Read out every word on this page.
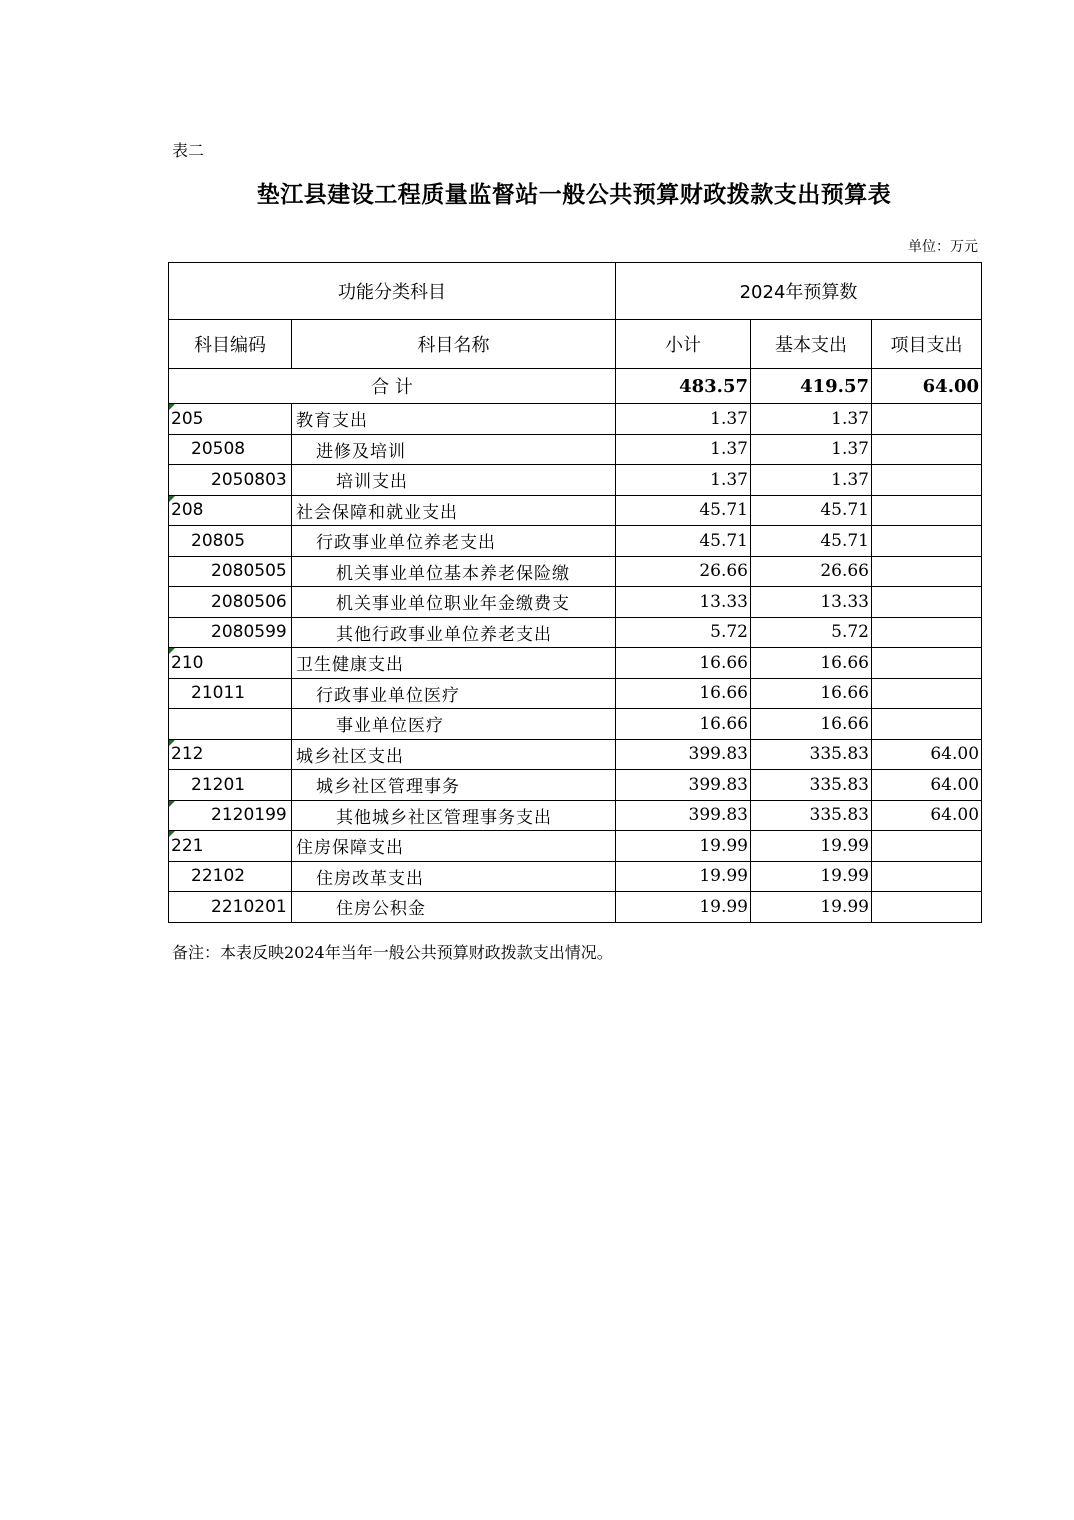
表二
垫江县建设工程质量监督站一般公共预算财政拨款支出预算表
单位：万元
功能分类科目		2024年预算数		
科目编码	科目名称	小计	基本支出	项目支出
合 计		483.57	419.57	64.00

205	教育支出	1.37	1.37	
20508	进修及培训	1.37	1.37	
2050803	培训支出	1.37	1.37	

208	社会保障和就业支出	45.71	45.71	
20805	行政事业单位养老支出	45.71	45.71	
2080505	机关事业单位基本养老保险缴	26.66	26.66	
2080506	机关事业单位职业年金缴费支	13.33	13.33	
2080599	其他行政事业单位养老支出	5.72	5.72	

210	卫生健康支出	16.66	16.66	
21011	行政事业单位医疗	16.66	16.66	
	事业单位医疗	16.66	16.66	

212	城乡社区支出	399.83	335.83	64.00
21201	城乡社区管理事务	399.83	335.83	64.00

2120199	其他城乡社区管理事务支出	399.83	335.83	64.00

221	住房保障支出	19.99	19.99	
22102	住房改革支出	19.99	19.99	
2210201	住房公积金	19.99	19.99	
备注：本表反映2024年当年一般公共预算财政拨款支出情况。
